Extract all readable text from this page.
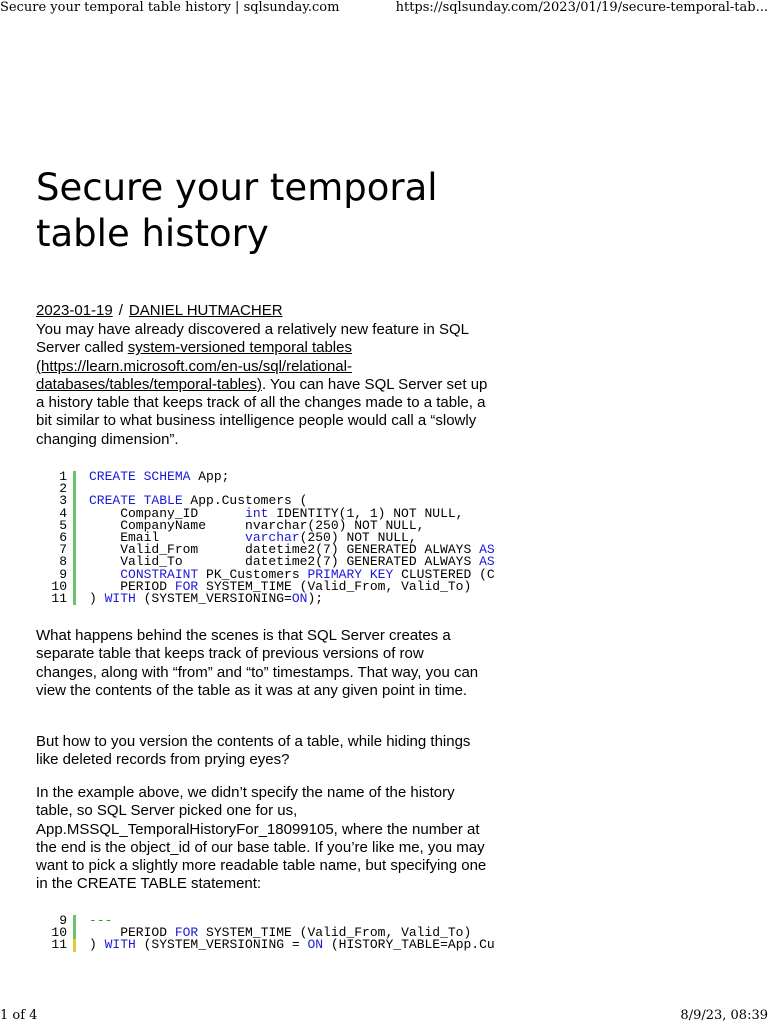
Secure your temporal table history | sqlsunday.com	https://sqlsunday.com/2023/01/19/secure-temporal-tab...
Secure your temporal table history
2023-01-19 / DANIEL HUTMACHER

You may have already discovered a relatively new feature in SQL Server called system-versioned temporal tables (https://learn.microsoft.com/en-us/sql/relational-databases/tables/temporal-tables). You can have SQL Server set up a history table that keeps track of all the changes made to a table, a bit similar to what business intelligence people would call a “slowly changing dimension”.

1 CREATE SCHEMA App;
2
3 CREATE TABLE App.Customers (
4 Company_ID      int IDENTITY(1, 1) NOT NULL,
5 CompanyName     nvarchar(250) NOT NULL,
6 Email           varchar(250) NOT NULL,
7 Valid_From      datetime2(7) GENERATED ALWAYS AS
8 Valid_To        datetime2(7) GENERATED ALWAYS AS
9	CONSTRAINT PK_Customers PRIMARY KEY CLUSTERED (C
10 PERIOD FOR SYSTEM_TIME (Valid_From, Valid_To)
11 ) WITH (SYSTEM_VERSIONING=ON);

What happens behind the scenes is that SQL Server creates a separate table that keeps track of previous versions of row changes, along with “from” and “to” timestamps. That way, you can view the contents of the table as it was at any given point in time.

But how to you version the contents of a table, while hiding things like deleted records from prying eyes?

In the example above, we didn’t specify the name of the history table, so SQL Server picked one for us, App.MSSQL_TemporalHistoryFor_18099105, where the number at the end is the object_id of our base table. If you’re like me, you may want to pick a slightly more readable table name, but specifying one in the CREATE TABLE statement:

9 ---
10 PERIOD FOR SYSTEM_TIME (Valid_From, Valid_To)
11 ) WITH (SYSTEM_VERSIONING = ON (HISTORY_TABLE=App.Cu
1 of 4	8/9/23, 08:39
